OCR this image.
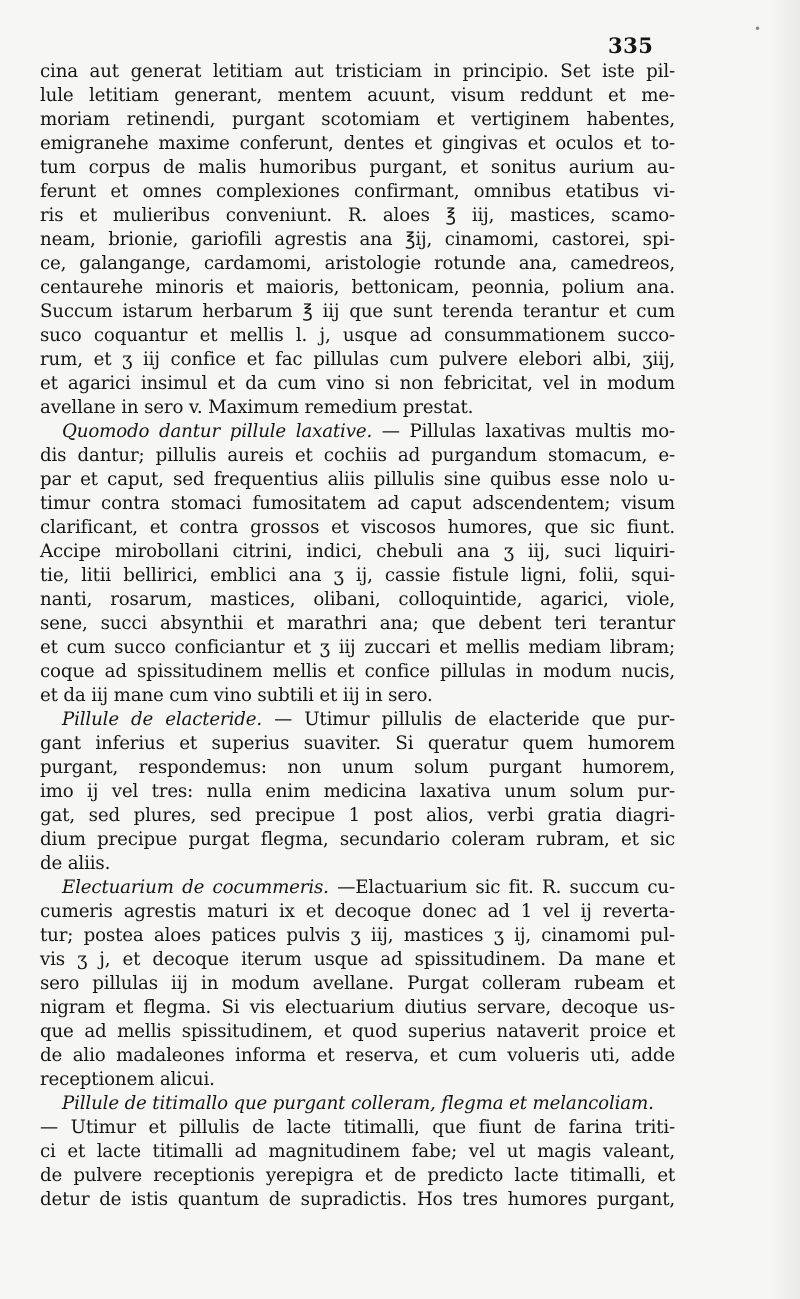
335
cina aut generat letitiam aut tristiciam in principio. Set iste pil-
lule letitiam generant, mentem acuunt, visum reddunt et me-
moriam retinendi, purgant scotomiam et vertiginem habentes,
emigranehe maxime conferunt, dentes et gingivas et oculos et to-
tum corpus de malis humoribus purgant, et sonitus aurium au-
ferunt et omnes complexiones confirmant, omnibus etatibus vi-
ris et mulieribus conveniunt. R. aloes ℥ iij, mastices, scamo-
neam, brionie, gariofili agrestis ana ℥ij, cinamomi, castorei, spi-
ce, galangange, cardamomi, aristologie rotunde ana, camedreos,
centaurehe minoris et maioris, bettonicam, peonnia, polium ana.
Succum istarum herbarum ℥ iij que sunt terenda terantur et cum
suco coquantur et mellis l. j, usque ad consummationem succo-
rum, et ʒ iij confice et fac pillulas cum pulvere elebori albi, ʒiij,
et agarici insimul et da cum vino si non febricitat, vel in modum
avellane in sero v. Maximum remedium prestat.
Quomodo dantur pillule laxative. — Pillulas laxativas multis mo-
dis dantur; pillulis aureis et cochiis ad purgandum stomacum, e-
par et caput, sed frequentius aliis pillulis sine quibus esse nolo u-
timur contra stomaci fumositatem ad caput adscendentem; visum
clarificant, et contra grossos et viscosos humores, que sic fiunt.
Accipe mirobollani citrini, indici, chebuli ana ʒ iij, suci liquiri-
tie, litii bellirici, emblici ana ʒ ij, cassie fistule ligni, folii, squi-
nanti, rosarum, mastices, olibani, colloquintide, agarici, viole,
sene, succi absynthii et marathri ana; que debent teri terantur
et cum succo conficiantur et ʒ iij zuccari et mellis mediam libram;
coque ad spissitudinem mellis et confice pillulas in modum nucis,
et da iij mane cum vino subtili et iij in sero.
Pillule de elacteride. — Utimur pillulis de elacteride que pur-
gant inferius et superius suaviter. Si queratur quem humorem
purgant, respondemus: non unum solum purgant humorem,
imo ij vel tres: nulla enim medicina laxativa unum solum pur-
gat, sed plures, sed precipue 1 post alios, verbi gratia diagri-
dium precipue purgat flegma, secundario coleram rubram, et sic
de aliis.
Electuarium de cocummeris. —Elactuarium sic fit. R. succum cu-
cumeris agrestis maturi ix et decoque donec ad 1 vel ij reverta-
tur; postea aloes patices pulvis ʒ iij, mastices ʒ ij, cinamomi pul-
vis ʒ j, et decoque iterum usque ad spissitudinem. Da mane et
sero pillulas iij in modum avellane. Purgat colleram rubeam et
nigram et flegma. Si vis electuarium diutius servare, decoque us-
que ad mellis spissitudinem, et quod superius nataverit proice et
de alio madaleones informa et reserva, et cum volueris uti, adde
receptionem alicui.
Pillule de titimallo que purgant colleram, flegma et melancoliam.
— Utimur et pillulis de lacte titimalli, que fiunt de farina triti-
ci et lacte titimalli ad magnitudinem fabe; vel ut magis valeant,
de pulvere receptionis yerepigra et de predicto lacte titimalli, et
detur de istis quantum de supradictis. Hos tres humores purgant,
•
